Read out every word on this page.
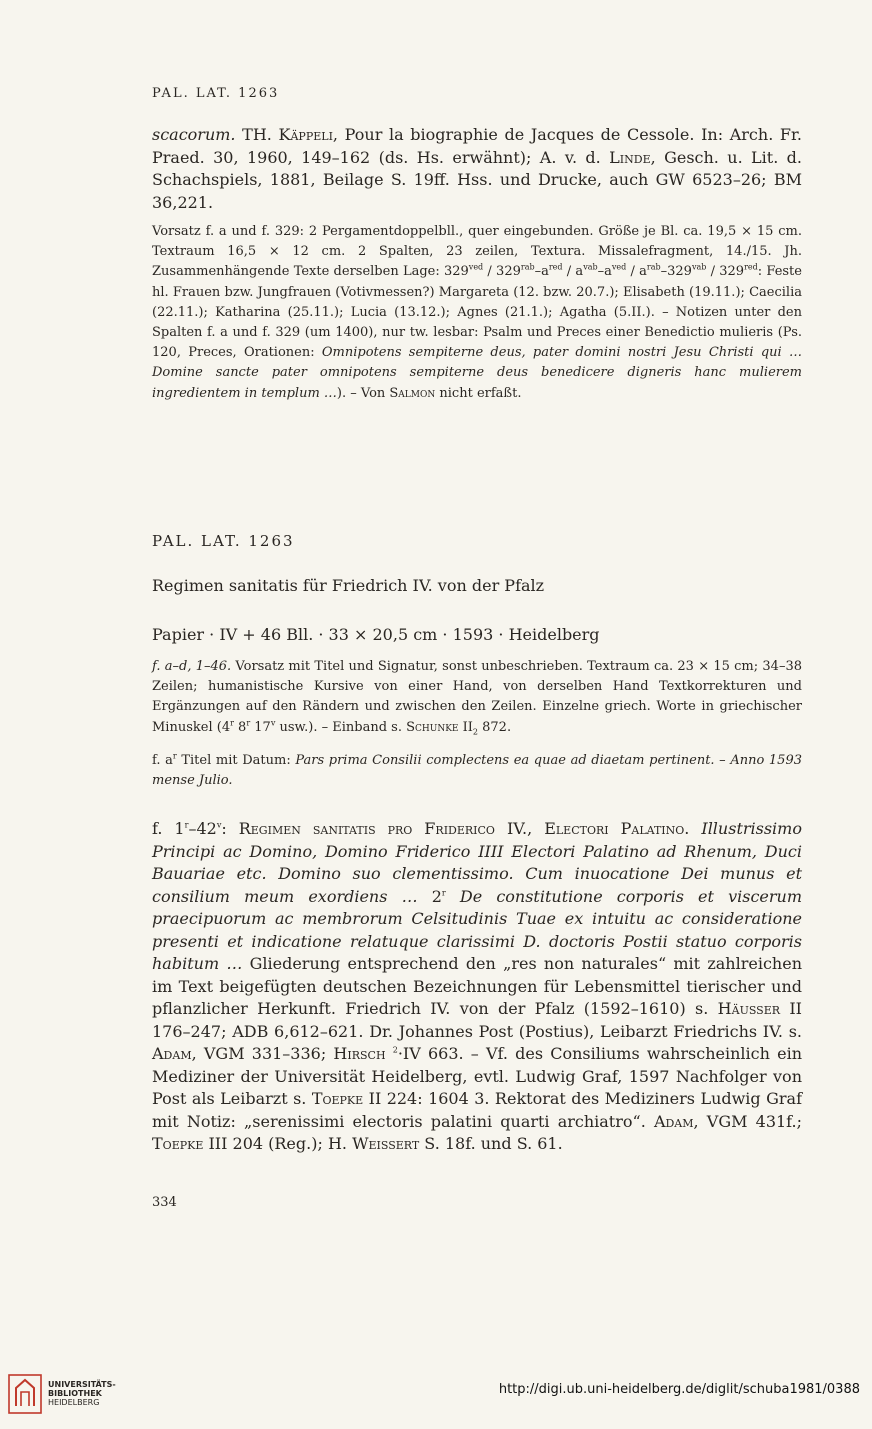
PAL. LAT. 1263
scacorum. TH. Käppeli, Pour la biographie de Jacques de Cessole. In: Arch. Fr. Praed. 30, 1960, 149–162 (ds. Hs. erwähnt); A. v. d. Linde, Gesch. u. Lit. d. Schachspiels, 1881, Beilage S. 19ff. Hss. und Drucke, auch GW 6523–26; BM 36,221.
Vorsatz f. a und f. 329: 2 Pergamentdoppelbll., quer eingebunden. Größe je Bl. ca. 19,5 × 15 cm. Textraum 16,5 × 12 cm. 2 Spalten, 23 zeilen, Textura. Missalefragment, 14./15. Jh. Zusammenhängende Texte derselben Lage: $329^{ved} / 329^{rab}-a^{red} / a^{vab}-a^{ved} / a^{rab}-329^{vab} / 329^{red}$: Feste hl. Frauen bzw. Jungfrauen (Votivmessen?) Margareta (12. bzw. 20.7.); Elisabeth (19.11.); Caecilia (22.11.); Katharina (25.11.); Lucia (13.12.); Agnes (21.1.); Agatha (5.II.). – Notizen unter den Spalten f. a und f. 329 (um 1400), nur tw. lesbar: Psalm und Preces einer Benedictio mulieris (Ps. 120, Preces, Orationen: Omnipotens sempiterne deus, pater domini nostri Jesu Christi qui … Domine sancte pater omnipotens sempiterne deus benedicere digneris hanc mulierem ingredientem in templum …). – Von Salmon nicht erfaßt.
PAL. LAT. 1263
Regimen sanitatis für Friedrich IV. von der Pfalz
Papier · IV + 46 Bll. · 33 × 20,5 cm · 1593 · Heidelberg
f. a–d, 1–46. Vorsatz mit Titel und Signatur, sonst unbeschrieben. Textraum ca. 23 × 15 cm; 34–38 Zeilen; humanistische Kursive von einer Hand, von derselben Hand Textkorrekturen und Ergänzungen auf den Rändern und zwischen den Zeilen. Einzelne griech. Worte in griechischer Minuskel (4$^r$ 8$^r$ 17$^v$ usw.). – Einband s. Schunke $II_2$ 872.
f. $a^r$ Titel mit Datum: Pars prima Consilii complectens ea quae ad diaetam pertinent. – Anno 1593 mense Julio.
f. 1$^r$–42$^v$: Regimen sanitatis pro Friderico IV., Electori Palatino. Illustrissimo Principi ac Domino, Domino Friderico IIII Electori Palatino ad Rhenum, Duci Bauariae etc. Domino suo clementissimo. Cum inuocatione Dei munus et consilium meum exordiens … 2$^r$ De constitutione corporis et viscerum praecipuorum ac membrorum Celsitudinis Tuae ex intuitu ac consideratione presenti et indicatione relatuque clarissimi D. doctoris Postii statuo corporis habitum … Gliederung entsprechend den „res non naturales“ mit zahlreichen im Text beigefügten deutschen Bezeichnungen für Lebensmittel tierischer und pflanzlicher Herkunft. Friedrich IV. von der Pfalz (1592–1610) s. Häusser II 176–247; ADB 6,612–621. Dr. Johannes Post (Postius), Leibarzt Friedrichs IV. s. Adam, VGM 331–336; Hirsch $^2$·IV 663. – Vf. des Consiliums wahrscheinlich ein Mediziner der Universität Heidelberg, evtl. Ludwig Graf, 1597 Nachfolger von Post als Leibarzt s. Toepke II 224: 1604 3. Rektorat des Mediziners Ludwig Graf mit Notiz: „serenissimi electoris palatini quarti archiatro“. Adam, VGM 431f.; Toepke III 204 (Reg.); H. Weissert S. 18f. und S. 61.
334
UNIVERSITÄTS-
BIBLIOTHEK
HEIDELBERG
http://digi.ub.uni-heidelberg.de/diglit/schuba1981/0388
